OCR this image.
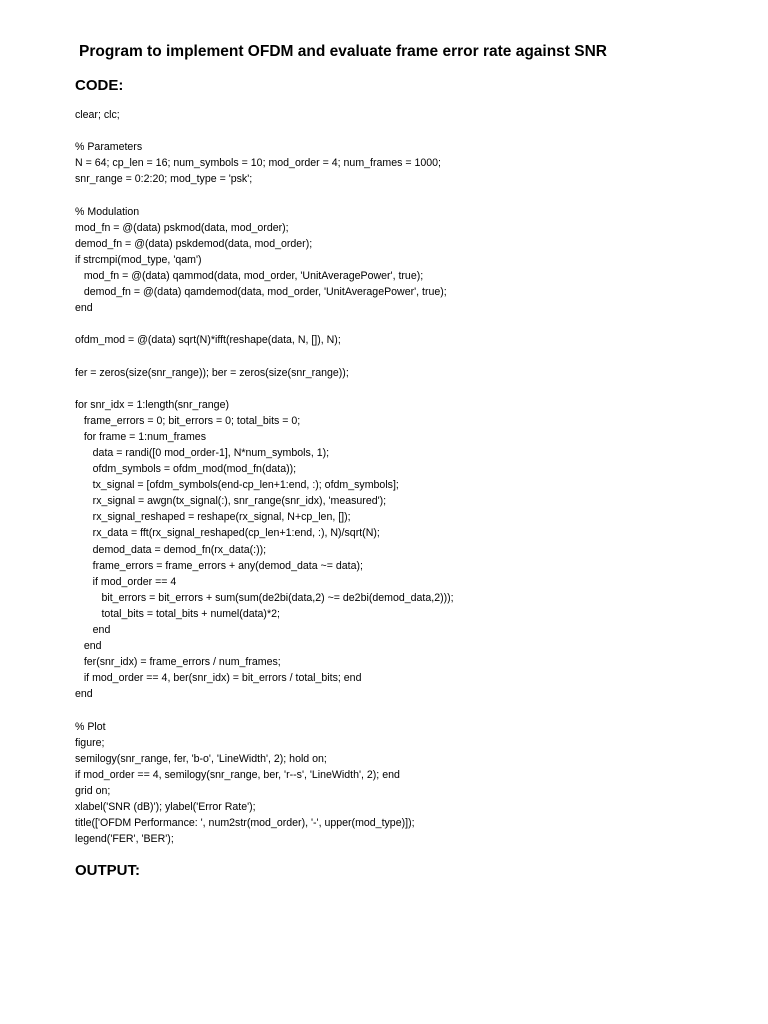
Program to implement OFDM and evaluate frame error rate against SNR
CODE:
clear; clc;
% Parameters
N = 64; cp_len = 16; num_symbols = 10; mod_order = 4; num_frames = 1000;
snr_range = 0:2:20; mod_type = 'psk';
% Modulation
mod_fn = @(data) pskmod(data, mod_order);
demod_fn = @(data) pskdemod(data, mod_order);
if strcmpi(mod_type, 'qam')
mod_fn = @(data) qammod(data, mod_order, 'UnitAveragePower', true);
demod_fn = @(data) qamdemod(data, mod_order, 'UnitAveragePower', true);
end
ofdm_mod = @(data) sqrt(N)*ifft(reshape(data, N, []), N);
fer = zeros(size(snr_range)); ber = zeros(size(snr_range));
for snr_idx = 1:length(snr_range)
frame_errors = 0; bit_errors = 0; total_bits = 0;
for frame = 1:num_frames
data = randi([0 mod_order-1], N*num_symbols, 1);
ofdm_symbols = ofdm_mod(mod_fn(data));
tx_signal = [ofdm_symbols(end-cp_len+1:end, :); ofdm_symbols];
rx_signal = awgn(tx_signal(:), snr_range(snr_idx), 'measured');
rx_signal_reshaped = reshape(rx_signal, N+cp_len, []);
rx_data = fft(rx_signal_reshaped(cp_len+1:end, :), N)/sqrt(N);
demod_data = demod_fn(rx_data(:));
frame_errors = frame_errors + any(demod_data ~= data);
if mod_order == 4
bit_errors = bit_errors + sum(sum(de2bi(data,2) ~= de2bi(demod_data,2)));
total_bits = total_bits + numel(data)*2;
end
end
fer(snr_idx) = frame_errors / num_frames;
if mod_order == 4, ber(snr_idx) = bit_errors / total_bits; end
end
% Plot
figure;
semilogy(snr_range, fer, 'b-o', 'LineWidth', 2); hold on;
if mod_order == 4, semilogy(snr_range, ber, 'r--s', 'LineWidth', 2); end
grid on;
xlabel('SNR (dB)'); ylabel('Error Rate');
title(['OFDM Performance: ', num2str(mod_order), '-', upper(mod_type)]);
legend('FER', 'BER');
OUTPUT:
